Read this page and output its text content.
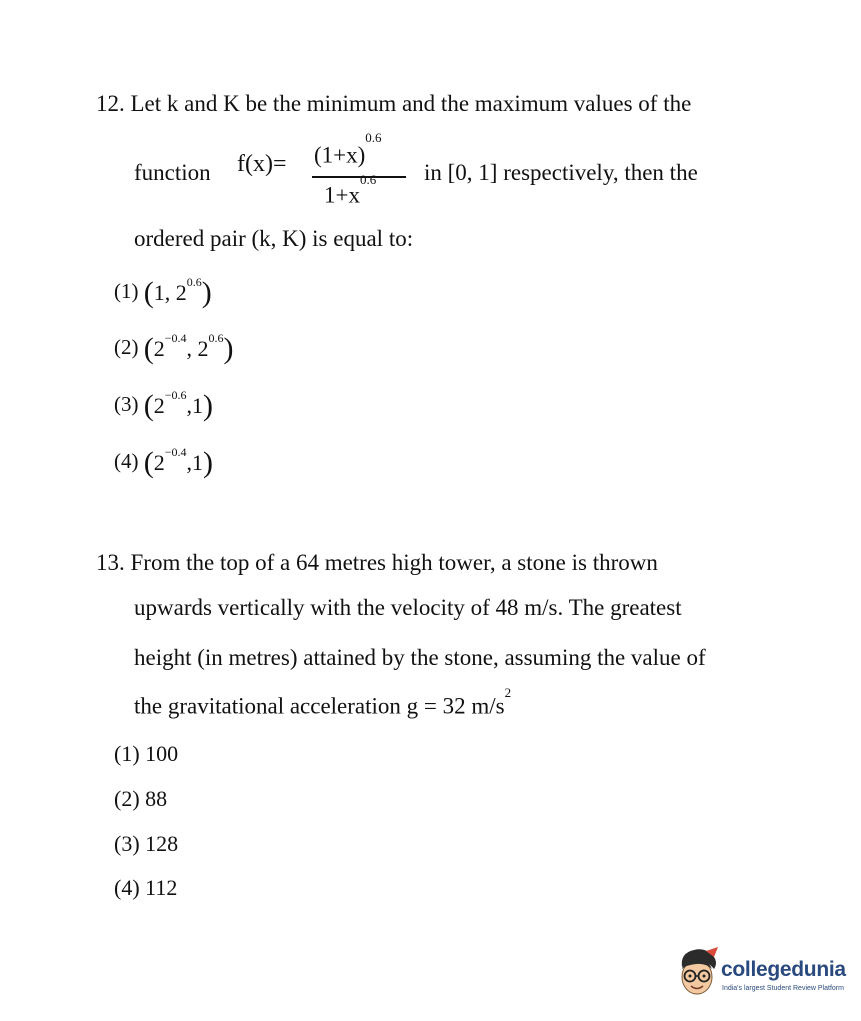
12. Let k and K be the minimum and the maximum values of the
function $f(x)= (1+x)^{0.6}$
$1+x^{0.6}$ in [0, 1] respectively, then the
ordered pair (k, K) is equal to:
(1) (1, $2^{0.6}$)
(2) ($2^{-0.4}$, $2^{0.6}$)
(3) $(2^{-0.6},1)$
(4) $(2^{-0.4},1)$
13. From the top of a 64 metres high tower, a stone is thrown
upwards vertically with the velocity of 48 m/s. The greatest
height (in metres) attained by the stone, assuming the value of
the gravitational acceleration g = 32 $m/s^2$
(1) 100
(2) 88
(3) 128
(4) 112
collegedunia
India's largest Student Review Platform
